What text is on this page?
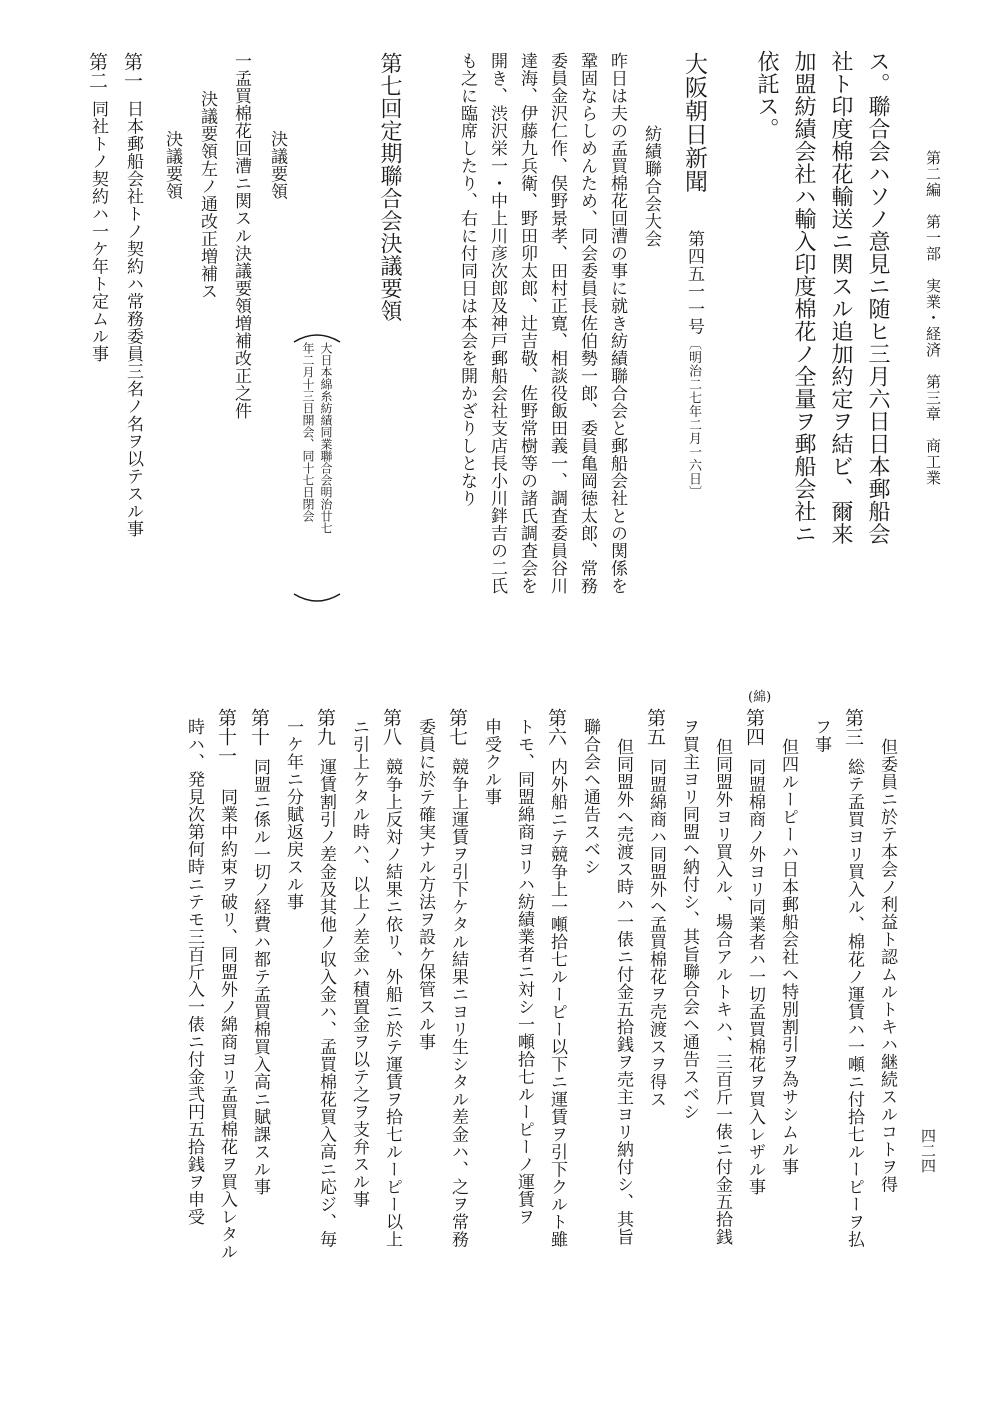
第二編　第一部　実業・経済　第三章　商工業
四二四
ス。聯合会ハソノ意見ニ随ヒ三月六日日本郵船会
社ト印度棉花輸送ニ関スル追加約定ヲ結ビ、爾来
加盟紡績会社ハ輸入印度棉花ノ全量ヲ郵船会社ニ
依託ス。
大阪朝日新聞
第四五一一号
〔明治二七年二月一六日〕
紡績聯合会大会
昨日は夫の孟買棉花回漕の事に就き紡績聯合会と郵船会社との関係を
鞏固ならしめんため、同会委員長佐伯勢一郎、委員亀岡徳太郎、常務
委員金沢仁作、俣野景孝、田村正寛、相談役飯田義一、調査委員谷川
達海、伊藤九兵衛、野田卯太郎、辻吉敬、佐野常樹等の諸氏調査会を
開き、渋沢栄一・中上川彦次郎及神戸郵船会社支店長小川鉡吉の二氏
も之に臨席したり、右に付同日は本会を開かざりしとなり
第七回定期聯合会決議要領
大日本綿糸紡績同業聯合会明治廿七
年二月十三日開会、同十七日閉会
決議要領
一孟買棉花回漕ニ関スル決議要領増補改正之件
決議要領左ノ通改正増補ス
決議要領
第一
日本郵船会社トノ契約ハ常務委員三名ノ名ヲ以テスル事
第二
同社トノ契約ハ一ケ年ト定ムル事
但委員ニ於テ本会ノ利益ト認ムルトキハ継続スルコトヲ得
第三
総テ孟買ヨリ買入ル、棉花ノ運賃ハ一噸ニ付拾七ルーピーヲ払
フ事
但四ルーピーハ日本郵船会社ヘ特別割引ヲ為サシムル事
第四
同盟棉商ノ外ヨリ同業者ハ一切孟買棉花ヲ買入レザル事
但同盟外ヨリ買入ル、場合アルトキハ、三百斤一俵ニ付金五拾銭
ヲ買主ヨリ同盟ヘ納付シ、其旨聯合会ヘ通告スベシ
第五
同盟綿商ハ同盟外ヘ孟買棉花ヲ売渡スヲ得ス
但同盟外ヘ売渡ス時ハ一俵ニ付金五拾銭ヲ売主ヨリ納付シ、其旨
聯合会ヘ通告スベシ
第六
内外船ニテ競争上一噸拾七ルーピー以下ニ運賃ヲ引下クルト雖
トモ、同盟綿商ヨリハ紡績業者ニ対シ一噸拾七ルーピーノ運賃ヲ
申受クル事
第七
競争上運賃ヲ引下ケタル結果ニヨリ生シタル差金ハ、之ヲ常務
委員に於テ確実ナル方法ヲ設ケ保管スル事
第八
競争上反対ノ結果ニ依リ、外船ニ於テ運賃ヲ拾七ルーピー以上
ニ引上ケタル時ハ、以上ノ差金ハ積置金ヲ以テ之ヲ支弁スル事
第九
運賃割引ノ差金及其他ノ収入金ハ、孟買棉花買入高ニ応ジ、毎
一ケ年ニ分賦返戻スル事
第十
同盟ニ係ル一切ノ経費ハ都テ孟買棉買入高ニ賦課スル事
第十一
同業中約束ヲ破リ、同盟外ノ綿商ヨリ孟買棉花ヲ買入レタル
時ハ、発見次第何時ニテモ三百斤入一俵ニ付金弐円五拾銭ヲ申受
(綿)
